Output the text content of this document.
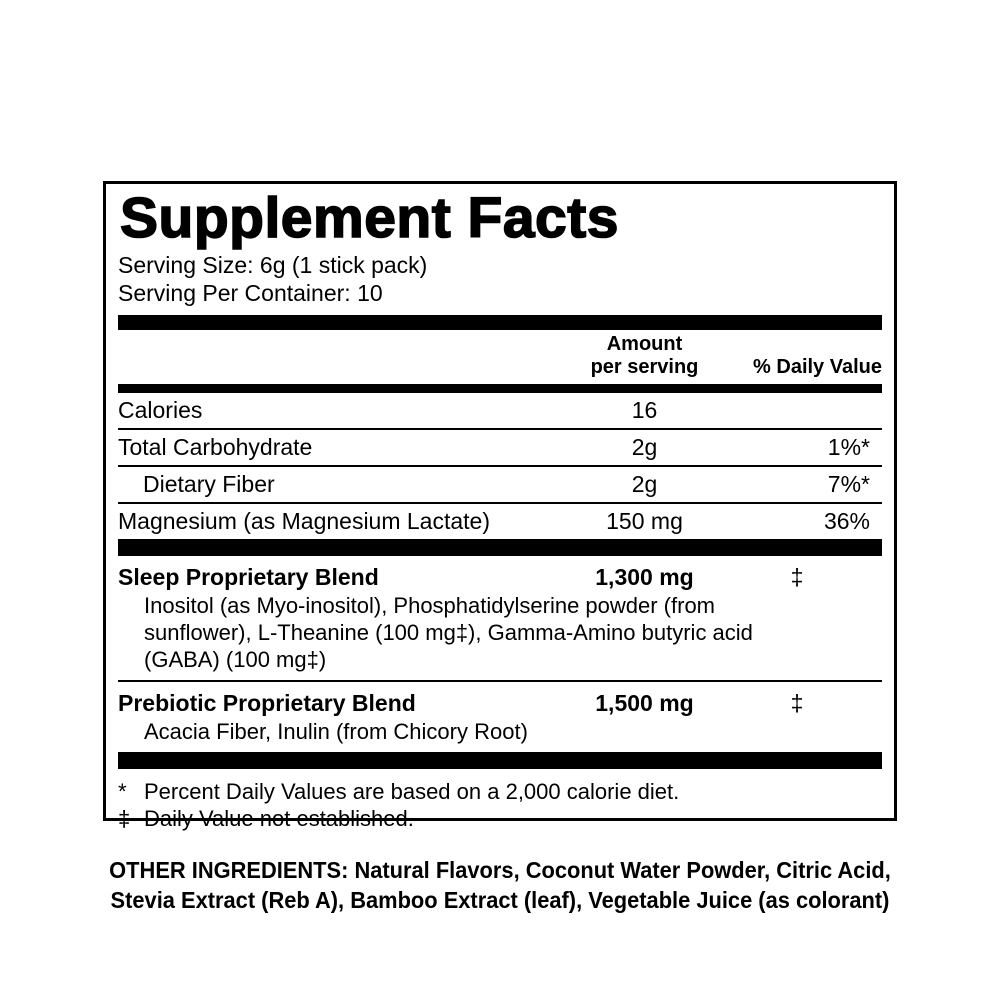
Supplement Facts

Serving Size: 6g (1 stick pack)

Serving Per Container: 10

Amount
per serving	% Daily Value
Calories	16
Total Carbohydrate	2g	1%*
Dietary Fiber	2g	7%*
Magnesium (as Magnesium Lactate)	150 mg	36%
Sleep Proprietary Blend	1,300 mg	‡
Inositol (as Myo-inositol), Phosphatidylserine powder (from sunflower), L-Theanine (100 mg‡), Gamma-Amino butyric acid (GABA) (100 mg‡)
Prebiotic Proprietary Blend	1,500 mg	‡
Acacia Fiber, Inulin (from Chicory Root)
* Percent Daily Values are based on a 2,000 calorie diet.
‡ Daily Value not established.

OTHER INGREDIENTS: Natural Flavors, Coconut Water Powder, Citric Acid,
Stevia Extract (Reb A), Bamboo Extract (leaf), Vegetable Juice (as colorant)
